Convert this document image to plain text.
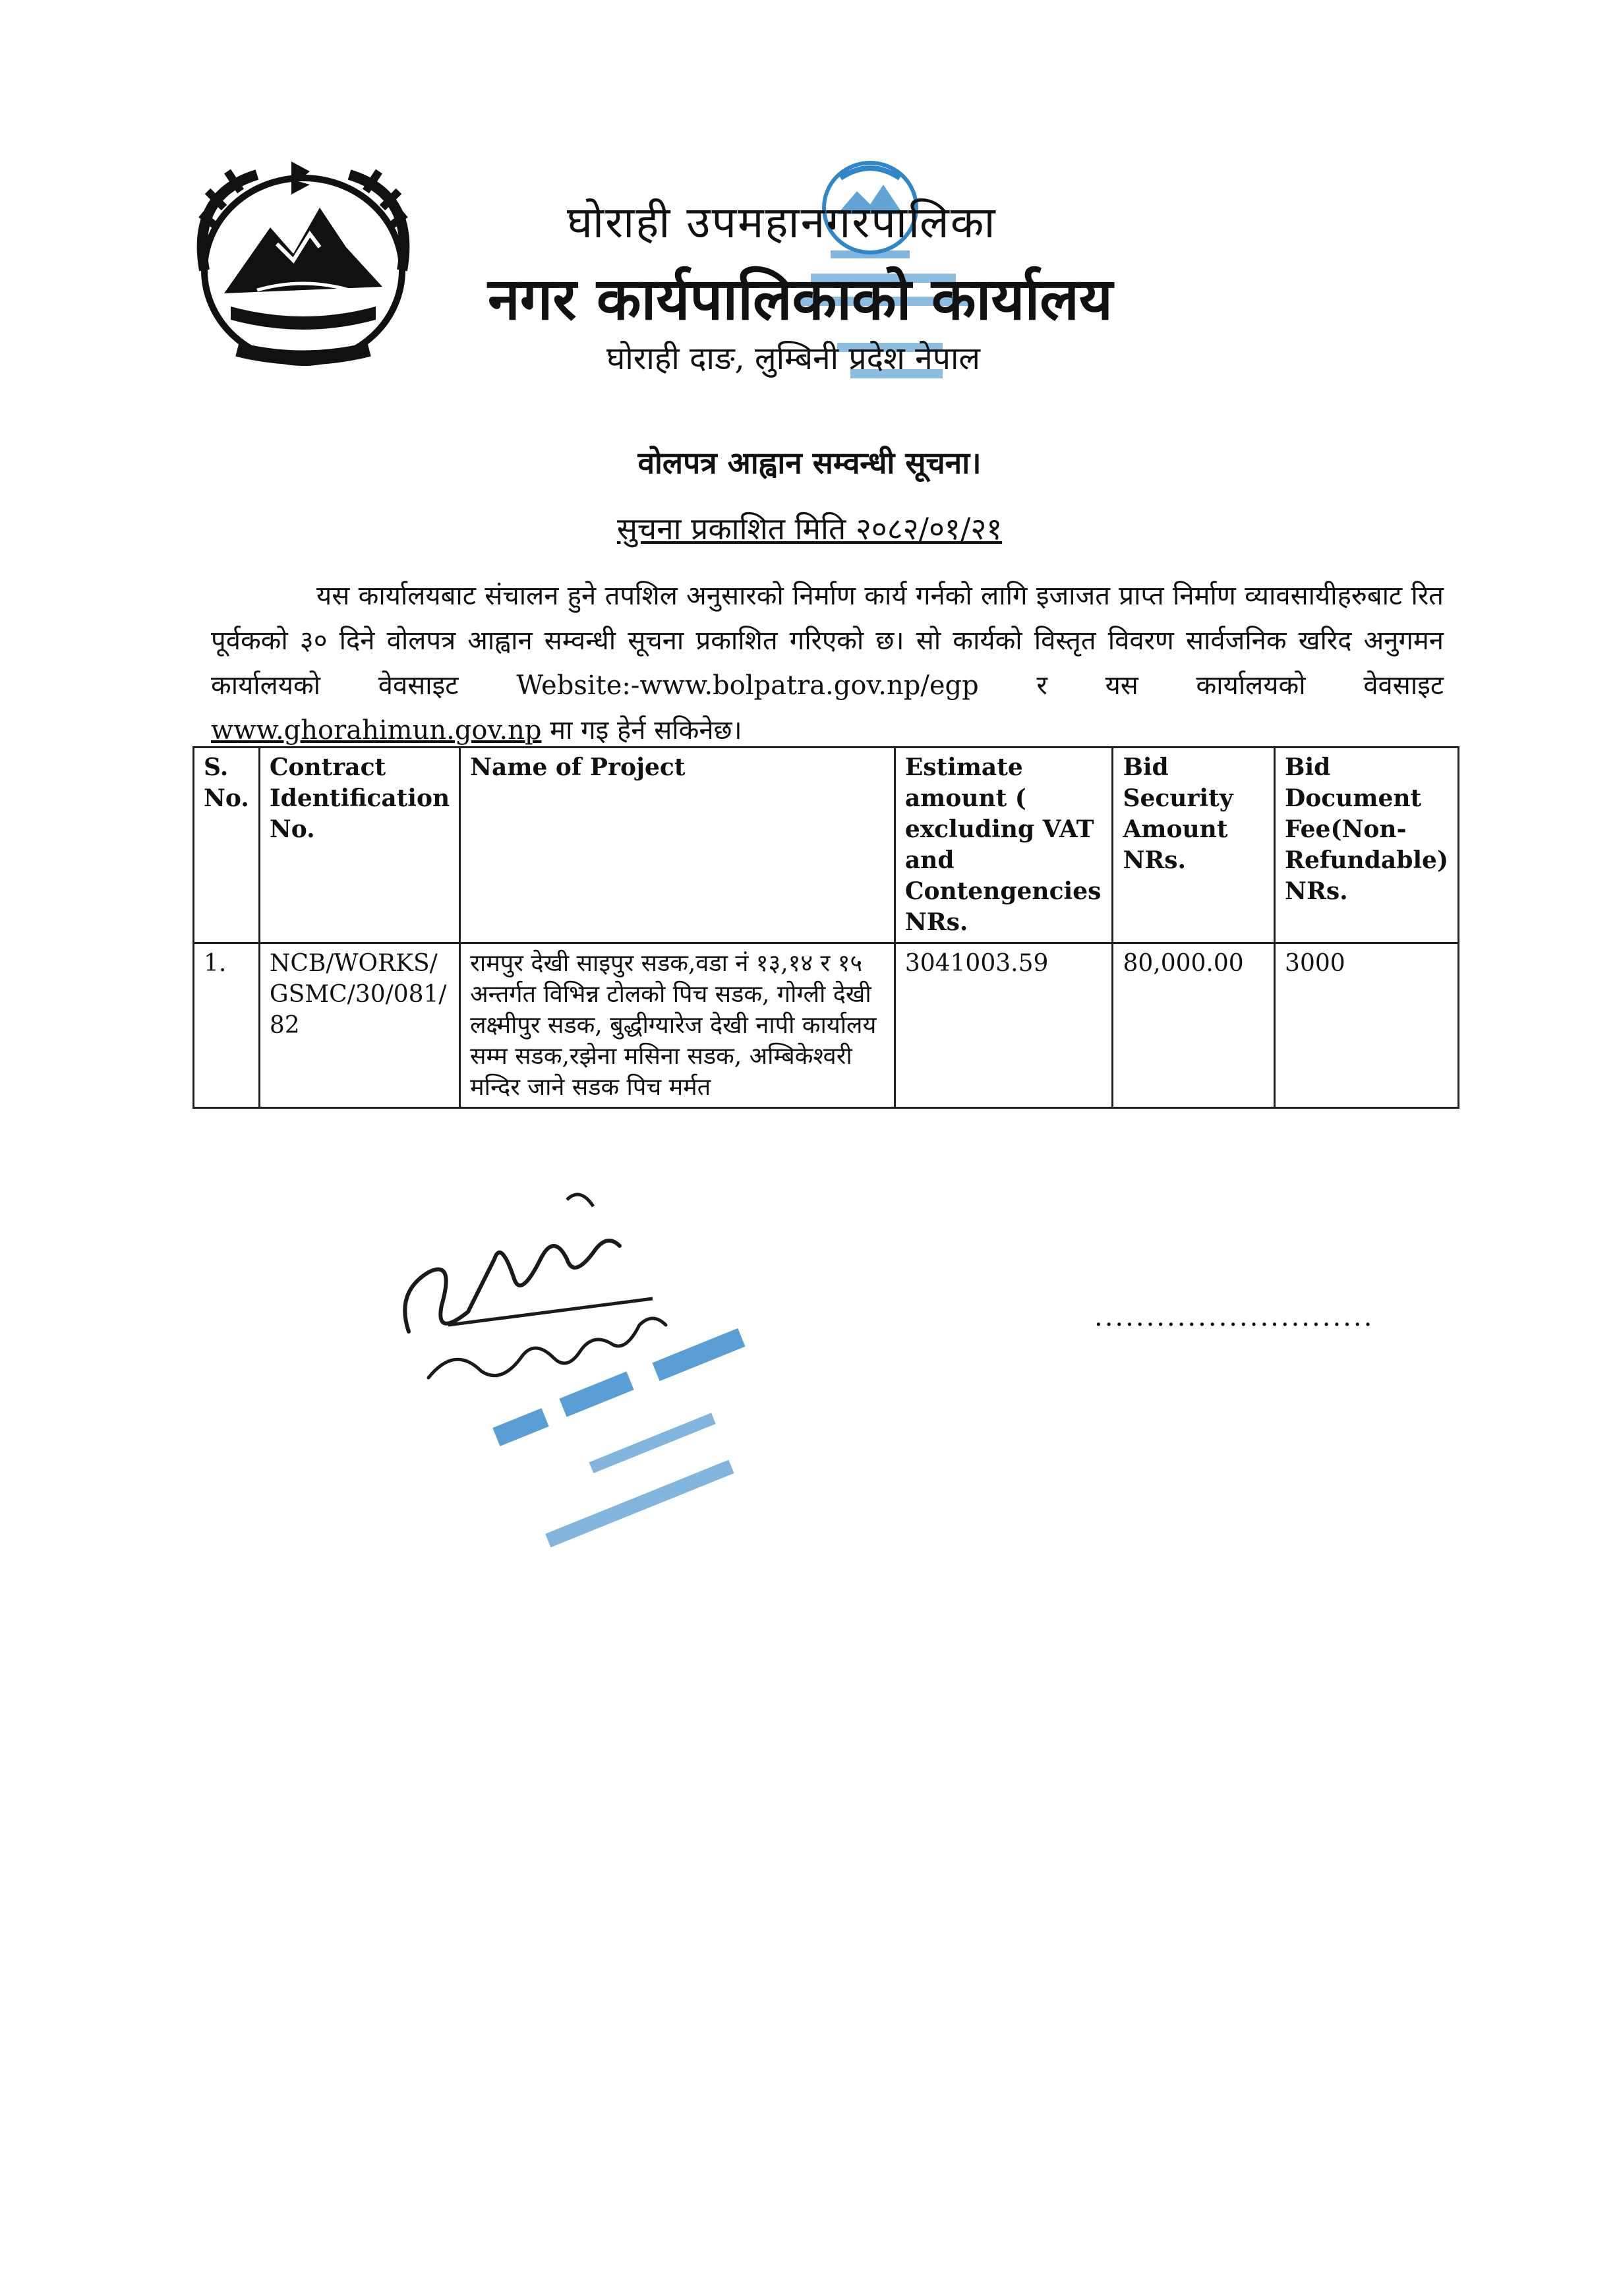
घोराही उपमहानगरपालिका
नगर कार्यपालिकाको कार्यालय
घोराही दाङ, लुम्बिनी प्रदेश नेपाल
वोलपत्र आह्वान सम्वन्धी सूचना।
सुचना प्रकाशित मिति २०८२/०१/२१
यस कार्यालयबाट संचालन हुने तपशिल अनुसारको निर्माण कार्य गर्नको लागि इजाजत प्राप्त निर्माण व्यावसायीहरुबाट रित पूर्वकको ३० दिने वोलपत्र आह्वान सम्वन्धी सूचना प्रकाशित गरिएको छ। सो कार्यको विस्तृत विवरण सार्वजनिक खरिद अनुगमन कार्यालयको वेवसाइट Website:-www.bolpatra.gov.np/egp र यस कार्यालयको वेवसाइट www.ghorahimun.gov.np मा गइ हेर्न सकिनेछ।
S. No.	Contract Identification No.	Name of Project	Estimate amount ( excluding VAT and Contengencies NRs.	Bid Security Amount NRs.	Bid Document Fee(Non-Refundable) NRs.
1.	NCB/WORKS/GSMC/30/081/82	रामपुर देखी साइपुर सडक,वडा नं १३,१४ र १५ अन्तर्गत विभिन्न टोलको पिच सडक, गोग्ली देखी लक्ष्मीपुर सडक, बुद्धीग्यारेज देखी नापी कार्यालय सम्म सडक,रझेना मसिना सडक, अम्बिकेश्वरी मन्दिर जाने सडक पिच मर्मत	3041003.59	80,000.00	3000
...........................
